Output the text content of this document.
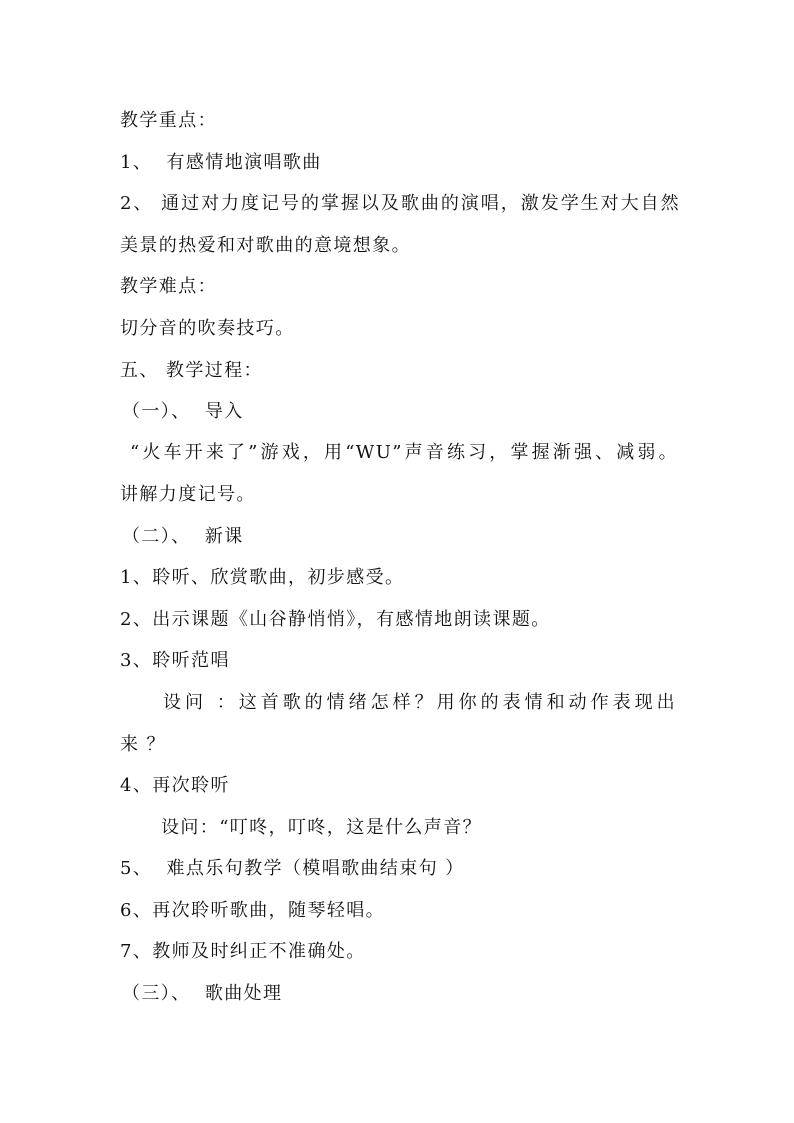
教学重点：
1、  有感情地演唱歌曲
2、 通过对力度记号的掌握以及歌曲的演唱，激发学生对大自然
美景的热爱和对歌曲的意境想象。
教学难点：
切分音的吹奏技巧。
五、 教学过程：
（一）、  导入
“火车开来了”游戏，用“WU”声音练习，掌握渐强、减弱。
讲解力度记号。
（二）、  新课
1、聆听、欣赏歌曲，初步感受。
2、出示课题《山谷静悄悄》，有感情地朗读课题。
3、聆听范唱
设问 ：这首歌的情绪怎样？用你的表情和动作表现出
来 ？
4、再次聆听
设问：“叮咚，叮咚，这是什么声音？
5、  难点乐句教学（模唱歌曲结束句 ）
6、再次聆听歌曲，随琴轻唱。
7、教师及时纠正不准确处。
（三）、  歌曲处理
